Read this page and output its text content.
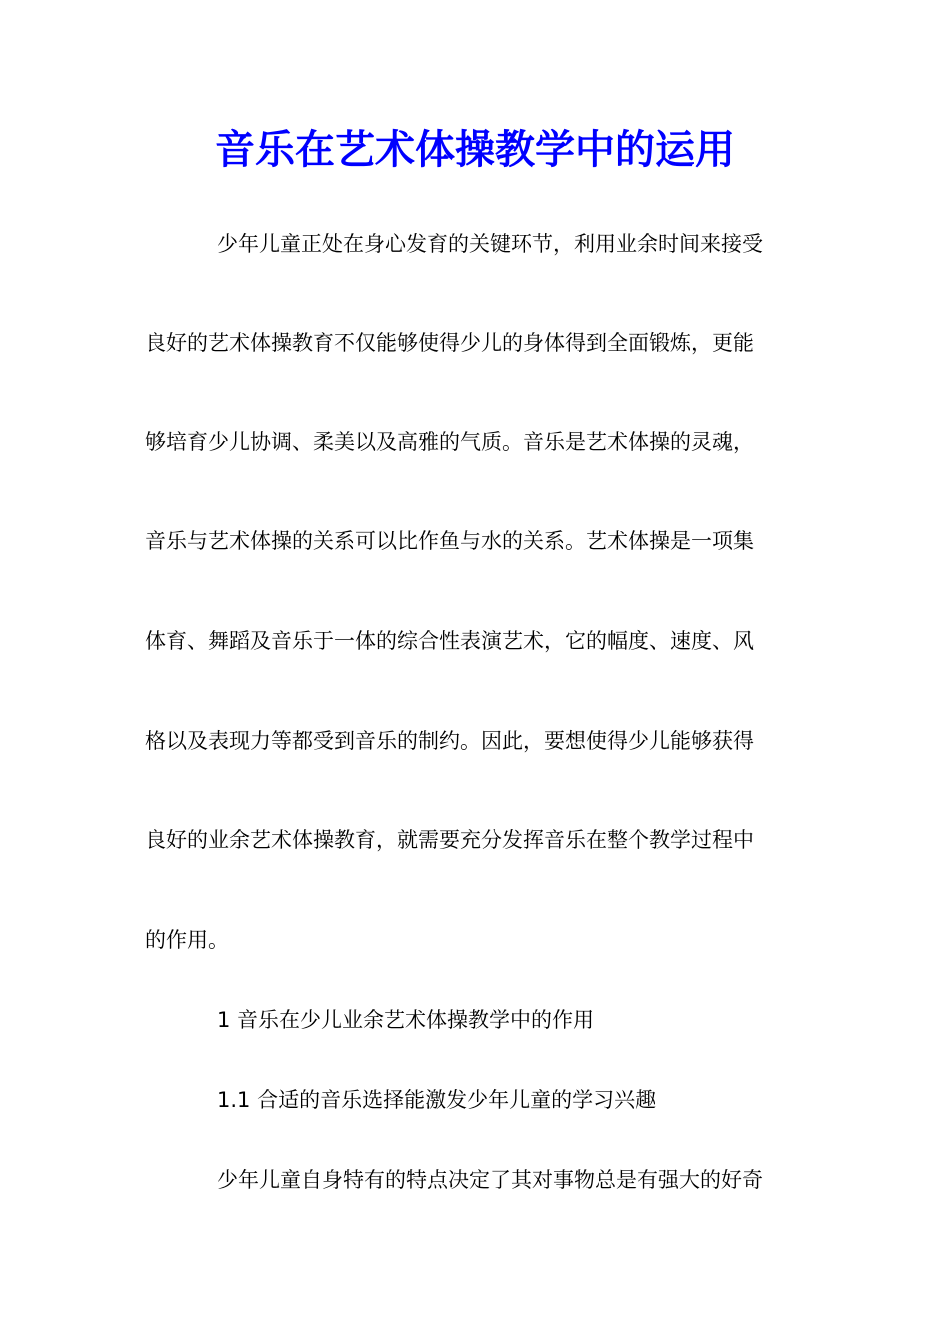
音乐在艺术体操教学中的运用

少年儿童正处在身心发育的关键环节，利用业余时间来接受

良好的艺术体操教育不仅能够使得少儿的身体得到全面锻炼，更能

够培育少儿协调、柔美以及高雅的气质。音乐是艺术体操的灵魂，

音乐与艺术体操的关系可以比作鱼与水的关系。艺术体操是一项集

体育、舞蹈及音乐于一体的综合性表演艺术，它的幅度、速度、风

格以及表现力等都受到音乐的制约。因此，要想使得少儿能够获得

良好的业余艺术体操教育，就需要充分发挥音乐在整个教学过程中

的作用。

1 音乐在少儿业余艺术体操教学中的作用

1.1 合适的音乐选择能激发少年儿童的学习兴趣

少年儿童自身特有的特点决定了其对事物总是有强大的好奇
